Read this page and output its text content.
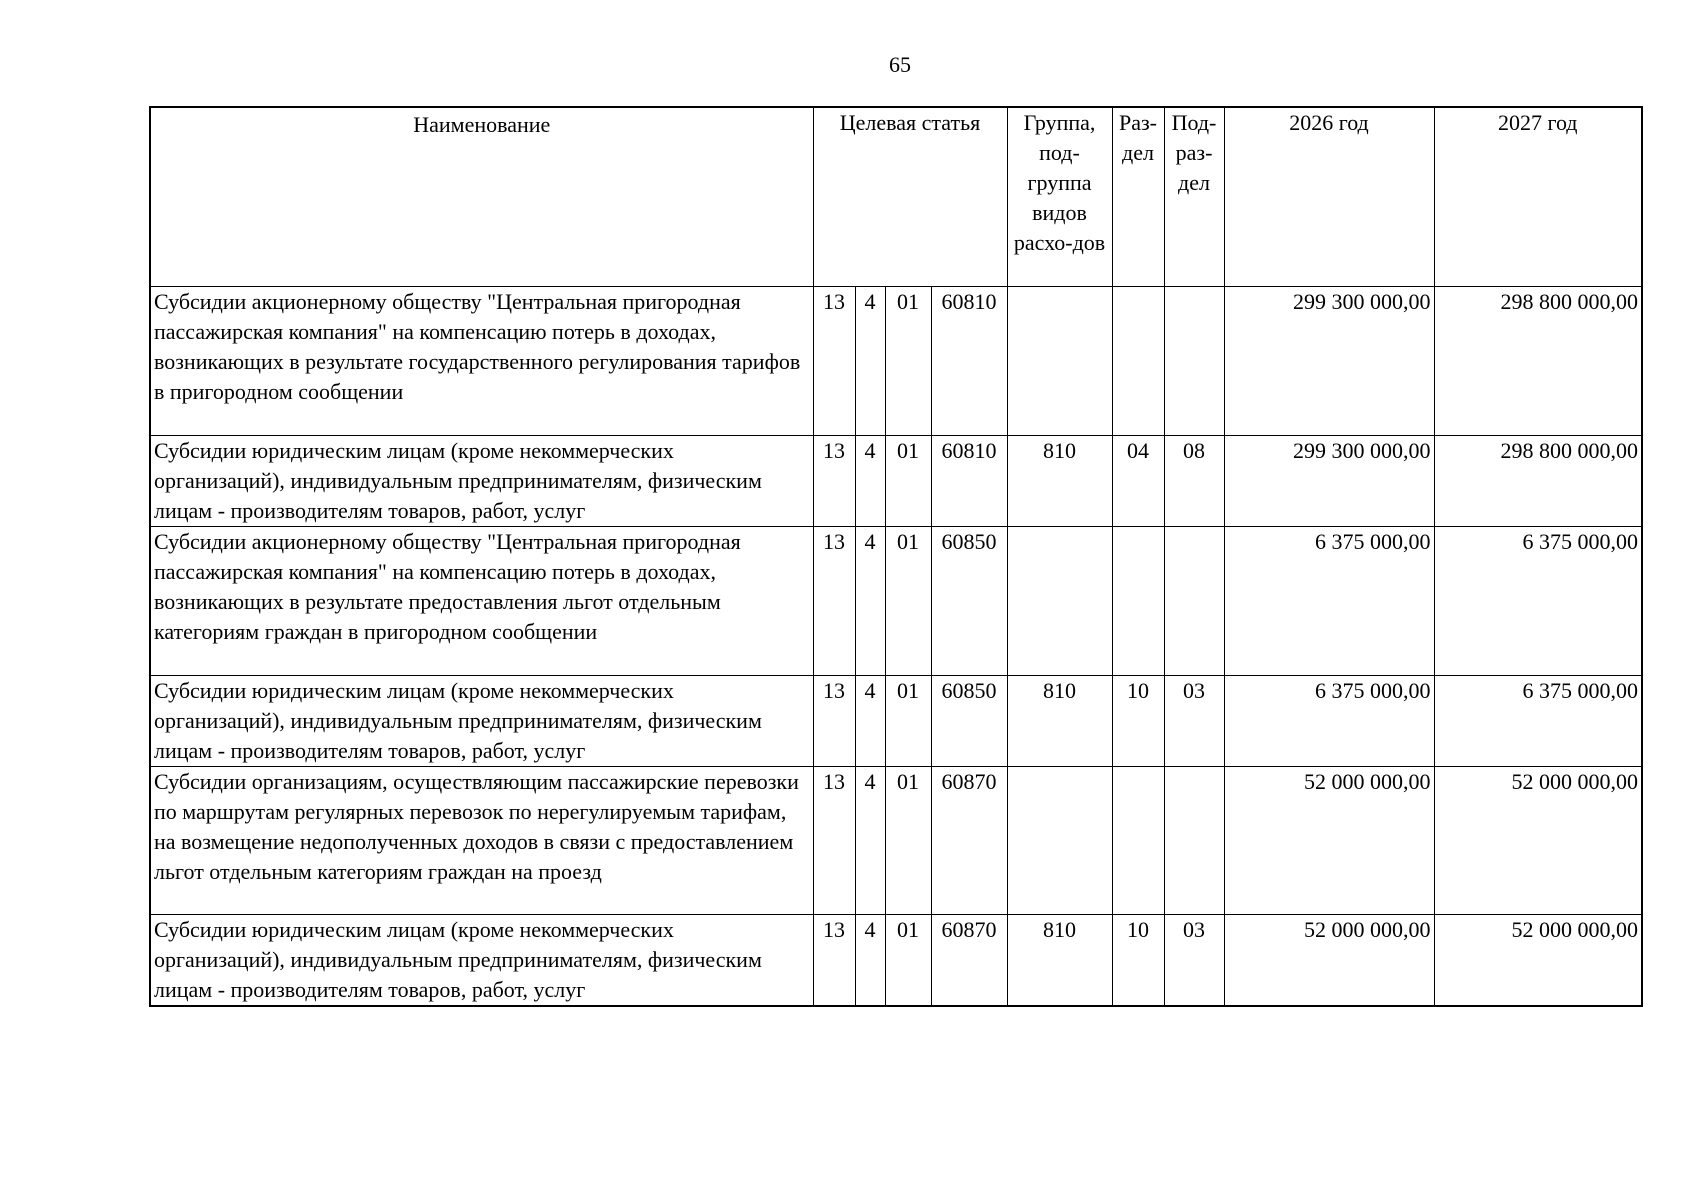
65
Наименование	Целевая статья				Группа, под-группа видов расхо-дов	Раз-дел	Под-раз-дел	2026 год	2027 год
Субсидии акционерному обществу "Центральная пригородная пассажирская компания" на компенсацию потерь в доходах, возникающих в результате государственного регулирования тарифов в пригородном сообщении	13	4	01	60810				299 300 000,00	298 800 000,00
Субсидии юридическим лицам (кроме некоммерческих организаций), индивидуальным предпринимателям, физическим лицам - производителям товаров, работ, услуг	13	4	01	60810	810	04	08	299 300 000,00	298 800 000,00
Субсидии акционерному обществу "Центральная пригородная пассажирская компания" на компенсацию потерь в доходах, возникающих в результате предоставления льгот отдельным категориям граждан в пригородном сообщении	13	4	01	60850				6 375 000,00	6 375 000,00
Субсидии юридическим лицам (кроме некоммерческих организаций), индивидуальным предпринимателям, физическим лицам - производителям товаров, работ, услуг	13	4	01	60850	810	10	03	6 375 000,00	6 375 000,00
Субсидии организациям, осуществляющим пассажирские перевозки по маршрутам регулярных перевозок по нерегулируемым тарифам, на возмещение недополученных доходов в связи с предоставлением льгот отдельным категориям граждан на проезд	13	4	01	60870				52 000 000,00	52 000 000,00
Субсидии юридическим лицам (кроме некоммерческих организаций), индивидуальным предпринимателям, физическим лицам - производителям товаров, работ, услуг	13	4	01	60870	810	10	03	52 000 000,00	52 000 000,00
